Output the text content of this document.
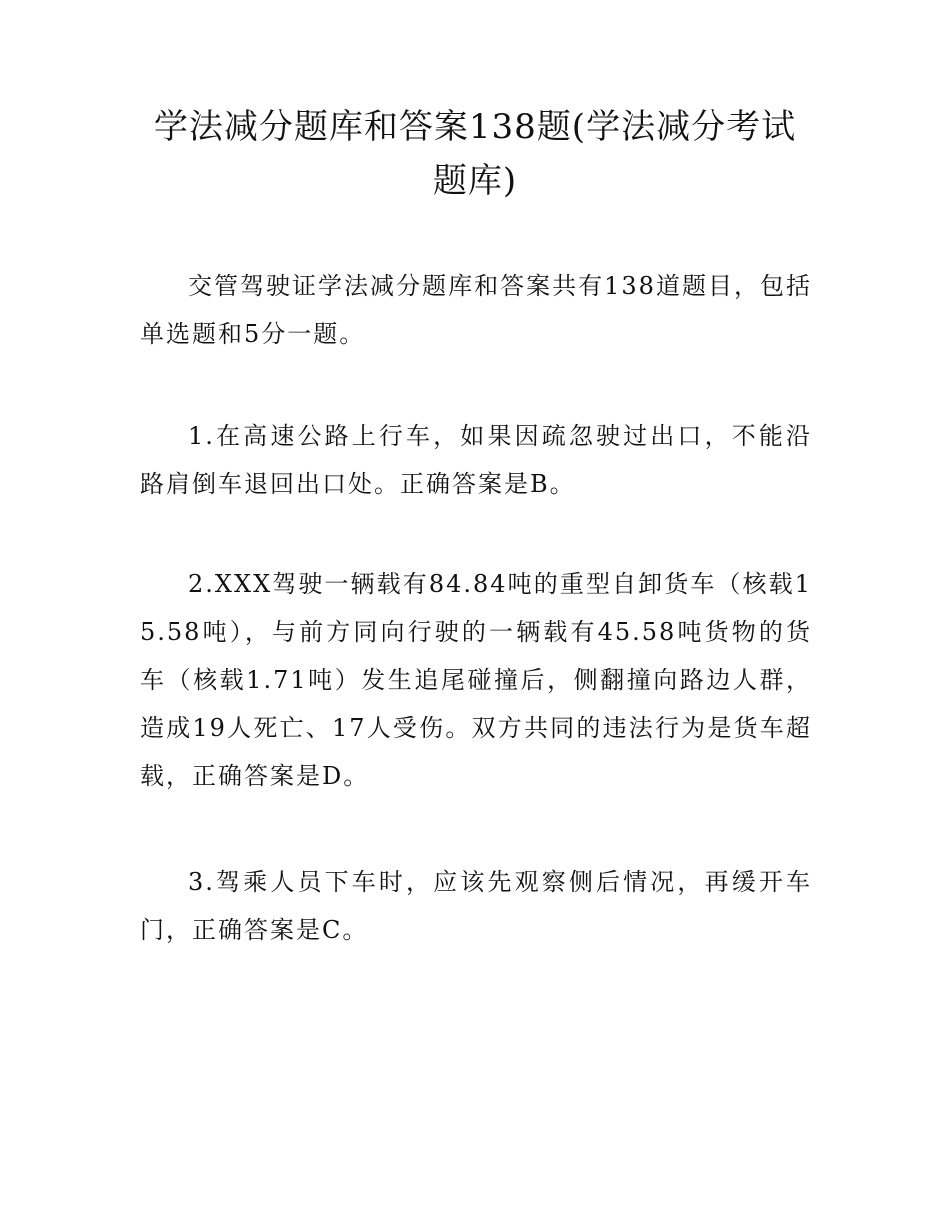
学法减分题库和答案138题(学法减分考试题库)

交管驾驶证学法减分题库和答案共有138道题目，包括单选题和5分一题。

1.在高速公路上行车，如果因疏忽驶过出口，不能沿路肩倒车退回出口处。正确答案是B。

2.XXX驾驶一辆载有84.84吨的重型自卸货车（核载15.58吨），与前方同向行驶的一辆载有45.58吨货物的货车（核载1.71吨）发生追尾碰撞后，侧翻撞向路边人群，造成19人死亡、17人受伤。双方共同的违法行为是货车超载，正确答案是D。

3.驾乘人员下车时，应该先观察侧后情况，再缓开车门，正确答案是C。
